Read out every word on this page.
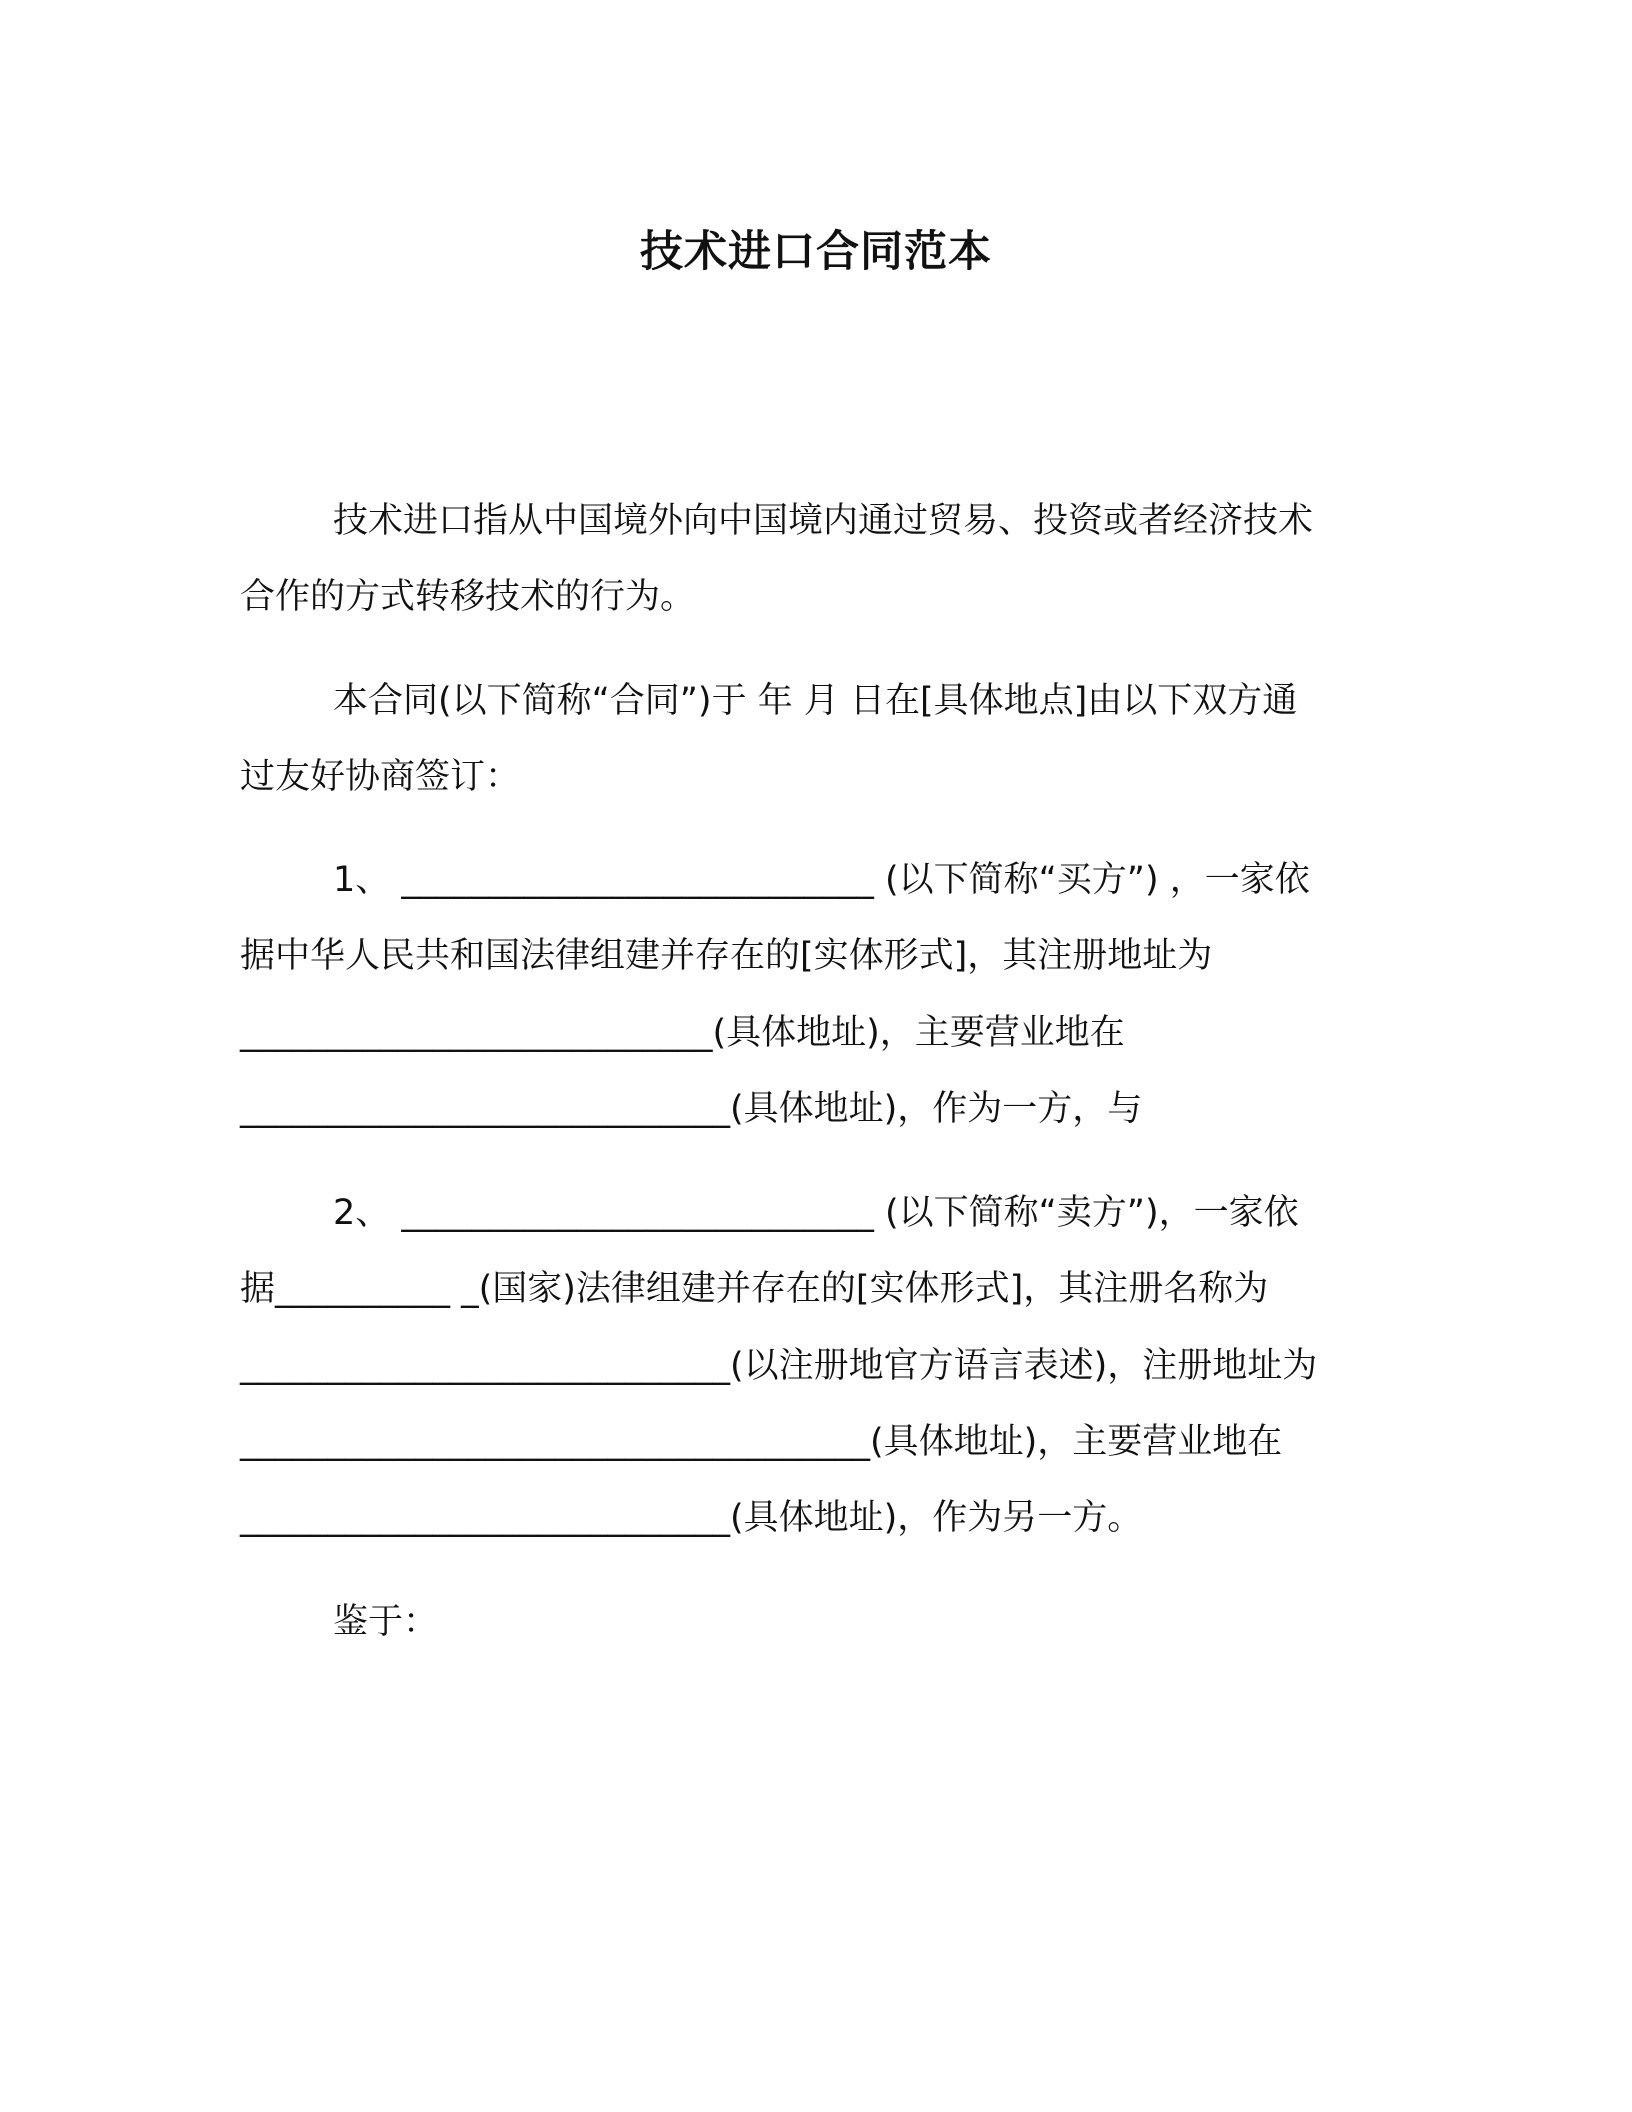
技术进口合同范本
技术进口指从中国境外向中国境内通过贸易、投资或者经济技术
合作的方式转移技术的行为。
本合同(以下简称“合同”)于 年 月 日在[具体地点]由以下双方通
过友好协商签订：
1、 ___________________________ (以下简称“买方”) ，一家依
据中华人民共和国法律组建并存在的[实体形式]，其注册地址为
___________________________(具体地址)，主要营业地在
____________________________(具体地址)，作为一方，与
2、 ___________________________ (以下简称“卖方”)，一家依
据__________ _(国家)法律组建并存在的[实体形式]，其注册名称为
____________________________(以注册地官方语言表述)，注册地址为
____________________________________(具体地址)，主要营业地在
____________________________(具体地址)，作为另一方。
鉴于：
